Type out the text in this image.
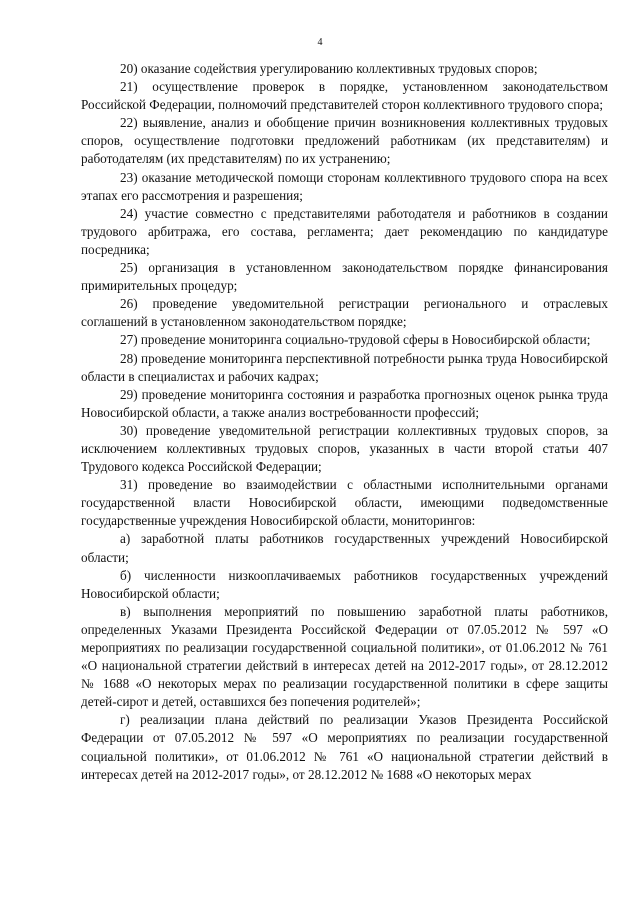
4

20) оказание содействия урегулированию коллективных трудовых споров;

21) осуществление проверок в порядке, установленном законодательством Российской Федерации, полномочий представителей сторон коллективного трудового спора;

22) выявление, анализ и обобщение причин возникновения коллективных трудовых споров, осуществление подготовки предложений работникам (их представителям) и работодателям (их представителям) по их устранению;

23) оказание методической помощи сторонам коллективного трудового спора на всех этапах его рассмотрения и разрешения;

24) участие совместно с представителями работодателя и работников в создании трудового арбитража, его состава, регламента; дает рекомендацию по кандидатуре посредника;

25) организация в установленном законодательством порядке финансирования примирительных процедур;

26) проведение уведомительной регистрации регионального и отраслевых соглашений в установленном законодательством порядке;

27) проведение мониторинга социально-трудовой сферы в Новосибирской области;

28) проведение мониторинга перспективной потребности рынка труда Новосибирской области в специалистах и рабочих кадрах;

29) проведение мониторинга состояния и разработка прогнозных оценок рынка труда Новосибирской области, а также анализ востребованности профессий;

30) проведение уведомительной регистрации коллективных трудовых споров, за исключением коллективных трудовых споров, указанных в части второй статьи 407 Трудового кодекса Российской Федерации;

31) проведение во взаимодействии с областными исполнительными органами государственной власти Новосибирской области, имеющими подведомственные государственные учреждения Новосибирской области, мониторингов:

а) заработной платы работников государственных учреждений Новосибирской области;

б) численности низкооплачиваемых работников государственных учреждений Новосибирской области;

в) выполнения мероприятий по повышению заработной платы работников, определенных Указами Президента Российской Федерации от 07.05.2012 № 597 «О мероприятиях по реализации государственной социальной политики», от 01.06.2012 № 761 «О национальной стратегии действий в интересах детей на 2012-2017 годы», от 28.12.2012 № 1688 «О некоторых мерах по реализации государственной политики в сфере защиты детей-сирот и детей, оставшихся без попечения родителей»;

г) реализации плана действий по реализации Указов Президента Российской Федерации от 07.05.2012 № 597 «О мероприятиях по реализации государственной социальной политики», от 01.06.2012 № 761 «О национальной стратегии действий в интересах детей на 2012-2017 годы», от 28.12.2012 № 1688 «О некоторых мерах
